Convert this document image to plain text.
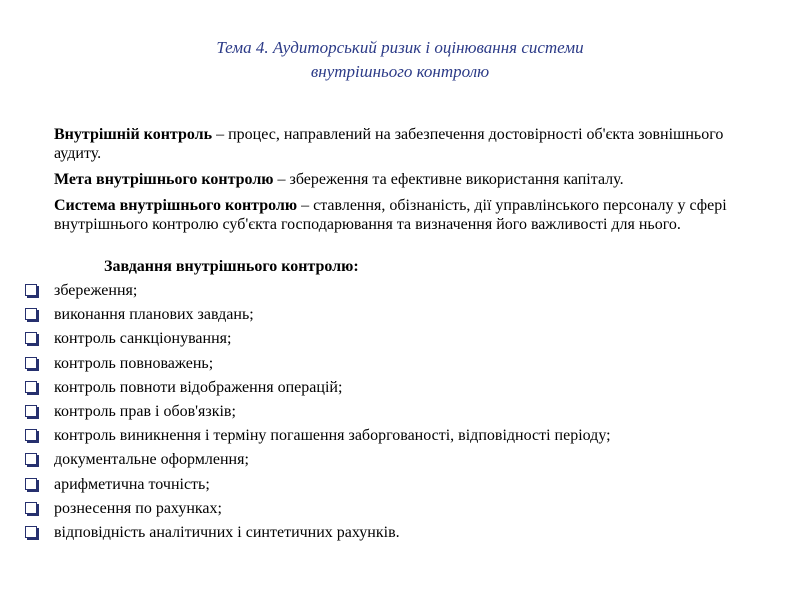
Тема 4. Аудиторський ризик і оцінювання системи
внутрішнього контролю

Внутрішній контроль – процес, направлений на забезпечення достовірності об'єкта зовнішнього аудиту.

Мета внутрішнього контролю – збереження та ефективне використання капіталу.

Система внутрішнього контролю – ставлення, обізнаність, дії управлінського персоналу у сфері внутрішнього контролю суб'єкта господарювання та визначення його важливості для нього.

Завдання внутрішнього контролю:
збереження;
виконання планових завдань;
контроль санкціонування;
контроль повноважень;
контроль повноти відображення операцій;
контроль прав і обов'язків;
контроль виникнення і терміну погашення заборгованості, відповідності періоду;
документальне оформлення;
арифметична точність;
рознесення по рахунках;
відповідність аналітичних і синтетичних рахунків.
